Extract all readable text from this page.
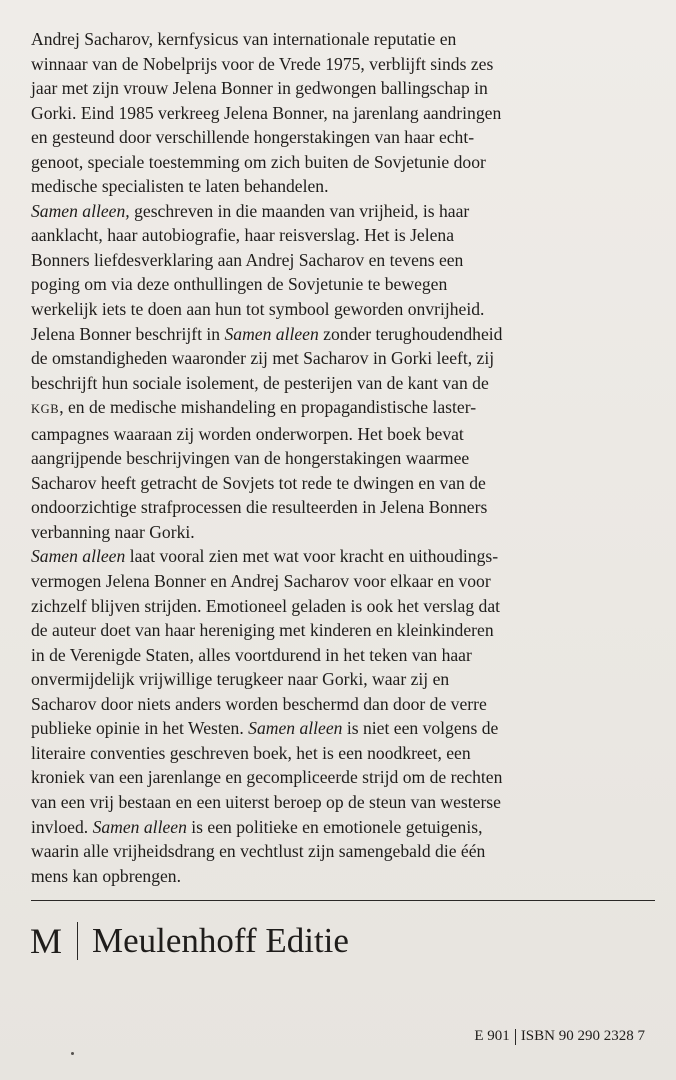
Andrej Sacharov, kernfysicus van internationale reputatie en
winnaar van de Nobelprijs voor de Vrede 1975, verblijft sinds zes
jaar met zijn vrouw Jelena Bonner in gedwongen ballingschap in
Gorki. Eind 1985 verkreeg Jelena Bonner, na jarenlang aandringen
en gesteund door verschillende hongerstakingen van haar echt-
genoot, speciale toestemming om zich buiten de Sovjetunie door
medische specialisten te laten behandelen.
Samen alleen, geschreven in die maanden van vrijheid, is haar
aanklacht, haar autobiografie, haar reisverslag. Het is Jelena
Bonners liefdesverklaring aan Andrej Sacharov en tevens een
poging om via deze onthullingen de Sovjetunie te bewegen
werkelijk iets te doen aan hun tot symbool geworden onvrijheid.
Jelena Bonner beschrijft in Samen alleen zonder terughoudendheid
de omstandigheden waaronder zij met Sacharov in Gorki leeft, zij
beschrijft hun sociale isolement, de pesterijen van de kant van de
KGB, en de medische mishandeling en propagandistische laster-
campagnes waaraan zij worden onderworpen. Het boek bevat
aangrijpende beschrijvingen van de hongerstakingen waarmee
Sacharov heeft getracht de Sovjets tot rede te dwingen en van de
ondoorzichtige strafprocessen die resulteerden in Jelena Bonners
verbanning naar Gorki.
Samen alleen laat vooral zien met wat voor kracht en uithoudings-
vermogen Jelena Bonner en Andrej Sacharov voor elkaar en voor
zichzelf blijven strijden. Emotioneel geladen is ook het verslag dat
de auteur doet van haar hereniging met kinderen en kleinkinderen
in de Verenigde Staten, alles voortdurend in het teken van haar
onvermijdelijk vrijwillige terugkeer naar Gorki, waar zij en
Sacharov door niets anders worden beschermd dan door de verre
publieke opinie in het Westen. Samen alleen is niet een volgens de
literaire conventies geschreven boek, het is een noodkreet, een
kroniek van een jarenlange en gecompliceerde strijd om de rechten
van een vrij bestaan en een uiterst beroep op de steun van westerse
invloed. Samen alleen is een politieke en emotionele getuigenis,
waarin alle vrijheidsdrang en vechtlust zijn samengebald die één
mens kan opbrengen.
M Meulenhoff Editie
E 901 ISBN 90 290 2328 7
